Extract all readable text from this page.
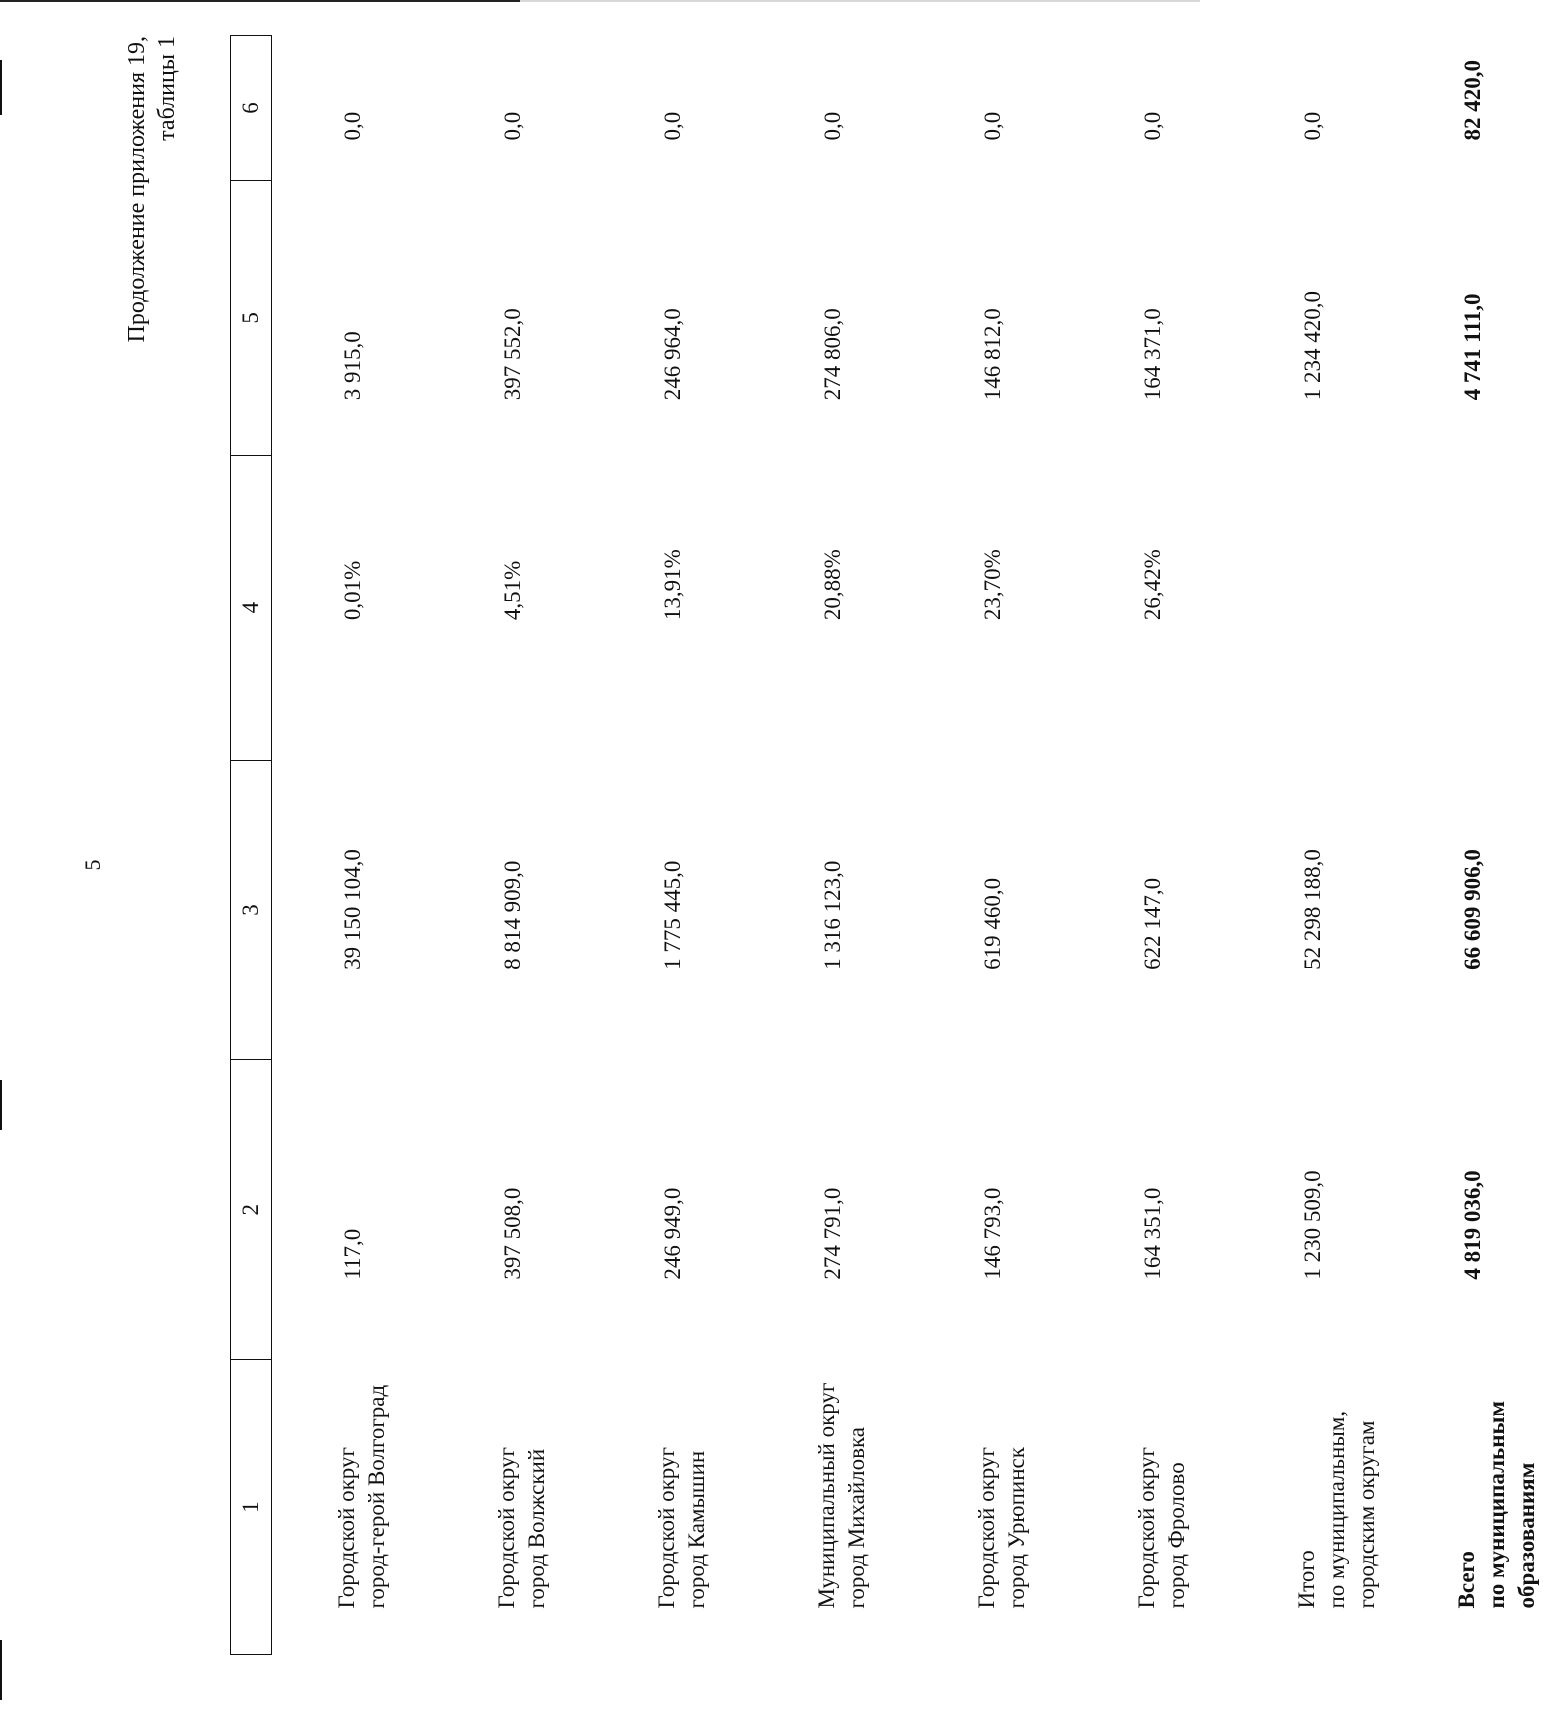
5
Продолжение приложения 19, таблицы 1
1	2	3	4	5	6

Городской округ город-герой Волгоград	117,0	39 150 104,0	0,01%	3 915,0	0,0

Городской округ город Волжский	397 508,0	8 814 909,0	4,51%	397 552,0	0,0

Городской округ город Камышин	246 949,0	1 775 445,0	13,91%	246 964,0	0,0

Муниципальный округ город Михайловка	274 791,0	1 316 123,0	20,88%	274 806,0	0,0

Городской округ город Урюпинск	146 793,0	619 460,0	23,70%	146 812,0	0,0

Городской округ город Фролово	164 351,0	622 147,0	26,42%	164 371,0	0,0

Итого по муниципальным, городским округам	1 230 509,0	52 298 188,0		1 234 420,0	0,0

Всего по муниципальным образованиям	4 819 036,0	66 609 906,0		4 741 111,0	82 420,0
